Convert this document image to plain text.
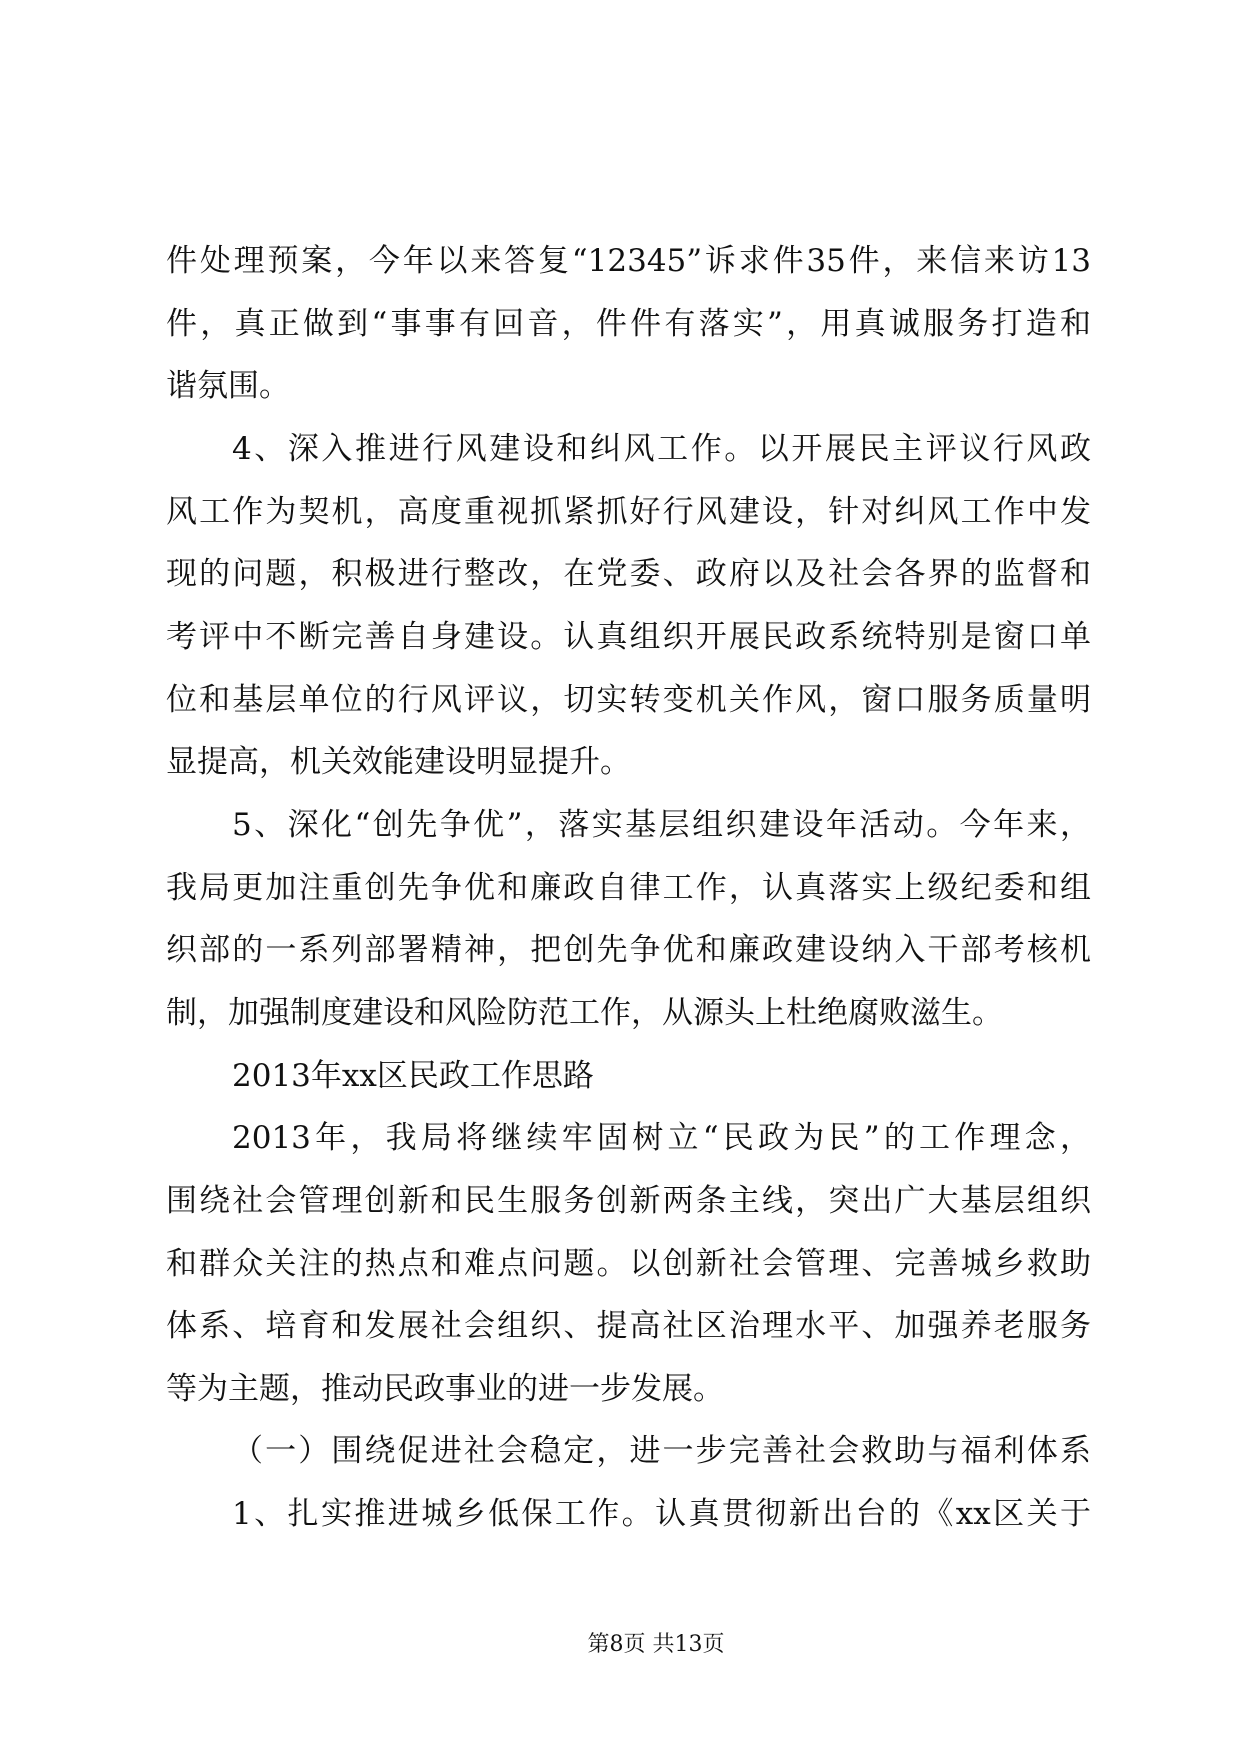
件处理预案，今年以来答复“12345”诉求件35件，来信来访13
件，真正做到“事事有回音，件件有落实”，用真诚服务打造和
谐氛围。
4、深入推进行风建设和纠风工作。以开展民主评议行风政
风工作为契机，高度重视抓紧抓好行风建设，针对纠风工作中发
现的问题，积极进行整改，在党委、政府以及社会各界的监督和
考评中不断完善自身建设。认真组织开展民政系统特别是窗口单
位和基层单位的行风评议，切实转变机关作风，窗口服务质量明
显提高，机关效能建设明显提升。
5、深化“创先争优”，落实基层组织建设年活动。今年来，
我局更加注重创先争优和廉政自律工作，认真落实上级纪委和组
织部的一系列部署精神，把创先争优和廉政建设纳入干部考核机
制，加强制度建设和风险防范工作，从源头上杜绝腐败滋生。
2013年xx区民政工作思路
2013年，我局将继续牢固树立“民政为民”的工作理念，
围绕社会管理创新和民生服务创新两条主线，突出广大基层组织
和群众关注的热点和难点问题。以创新社会管理、完善城乡救助
体系、培育和发展社会组织、提高社区治理水平、加强养老服务
等为主题，推动民政事业的进一步发展。
（一）围绕促进社会稳定，进一步完善社会救助与福利体系
1、扎实推进城乡低保工作。认真贯彻新出台的《xx区关于
第8页 共13页
